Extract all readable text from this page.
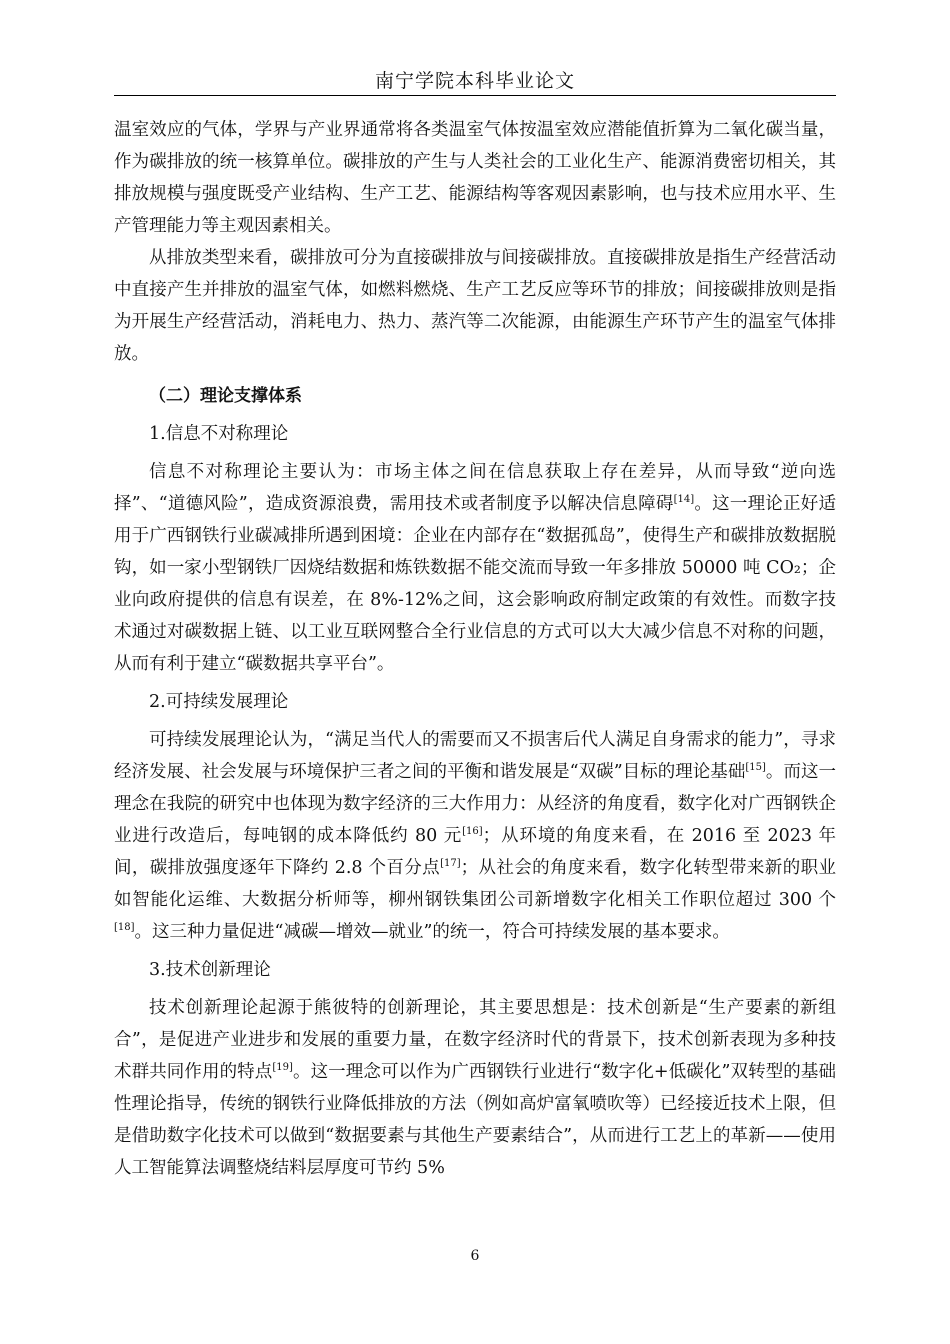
南宁学院本科毕业论文

温室效应的气体，学界与产业界通常将各类温室气体按温室效应潜能值折算为二氧化碳当量，作为碳排放的统一核算单位。碳排放的产生与人类社会的工业化生产、能源消费密切相关，其排放规模与强度既受产业结构、生产工艺、能源结构等客观因素影响，也与技术应用水平、生产管理能力等主观因素相关。

从排放类型来看，碳排放可分为直接碳排放与间接碳排放。直接碳排放是指生产经营活动中直接产生并排放的温室气体，如燃料燃烧、生产工艺反应等环节的排放；间接碳排放则是指为开展生产经营活动，消耗电力、热力、蒸汽等二次能源，由能源生产环节产生的温室气体排放。

（二）理论支撑体系

1.信息不对称理论

信息不对称理论主要认为：市场主体之间在信息获取上存在差异，从而导致“逆向选择”、“道德风险”，造成资源浪费，需用技术或者制度予以解决信息障碍[14]。这一理论正好适用于广西钢铁行业碳减排所遇到困境：企业在内部存在“数据孤岛”，使得生产和碳排放数据脱钩，如一家小型钢铁厂因烧结数据和炼铁数据不能交流而导致一年多排放 50000 吨 CO₂；企业向政府提供的信息有误差，在 8%-12%之间，这会影响政府制定政策的有效性。而数字技术通过对碳数据上链、以工业互联网整合全行业信息的方式可以大大减少信息不对称的问题，从而有利于建立“碳数据共享平台”。

2.可持续发展理论

可持续发展理论认为，“满足当代人的需要而又不损害后代人满足自身需求的能力”，寻求经济发展、社会发展与环境保护三者之间的平衡和谐发展是“双碳”目标的理论基础[15]。而这一理念在我院的研究中也体现为数字经济的三大作用力：从经济的角度看，数字化对广西钢铁企业进行改造后，每吨钢的成本降低约 80 元[16]；从环境的角度来看，在 2016 至 2023 年间，碳排放强度逐年下降约 2.8 个百分点[17]；从社会的角度来看，数字化转型带来新的职业如智能化运维、大数据分析师等，柳州钢铁集团公司新增数字化相关工作职位超过 300 个[18]。这三种力量促进“减碳—增效—就业”的统一，符合可持续发展的基本要求。

3.技术创新理论

技术创新理论起源于熊彼特的创新理论，其主要思想是：技术创新是“生产要素的新组合”，是促进产业进步和发展的重要力量，在数字经济时代的背景下，技术创新表现为多种技术群共同作用的特点[19]。这一理念可以作为广西钢铁行业进行“数字化+低碳化”双转型的基础性理论指导，传统的钢铁行业降低排放的方法（例如高炉富氧喷吹等）已经接近技术上限，但是借助数字化技术可以做到“数据要素与其他生产要素结合”，从而进行工艺上的革新——使用人工智能算法调整烧结料层厚度可节约 5%

6
